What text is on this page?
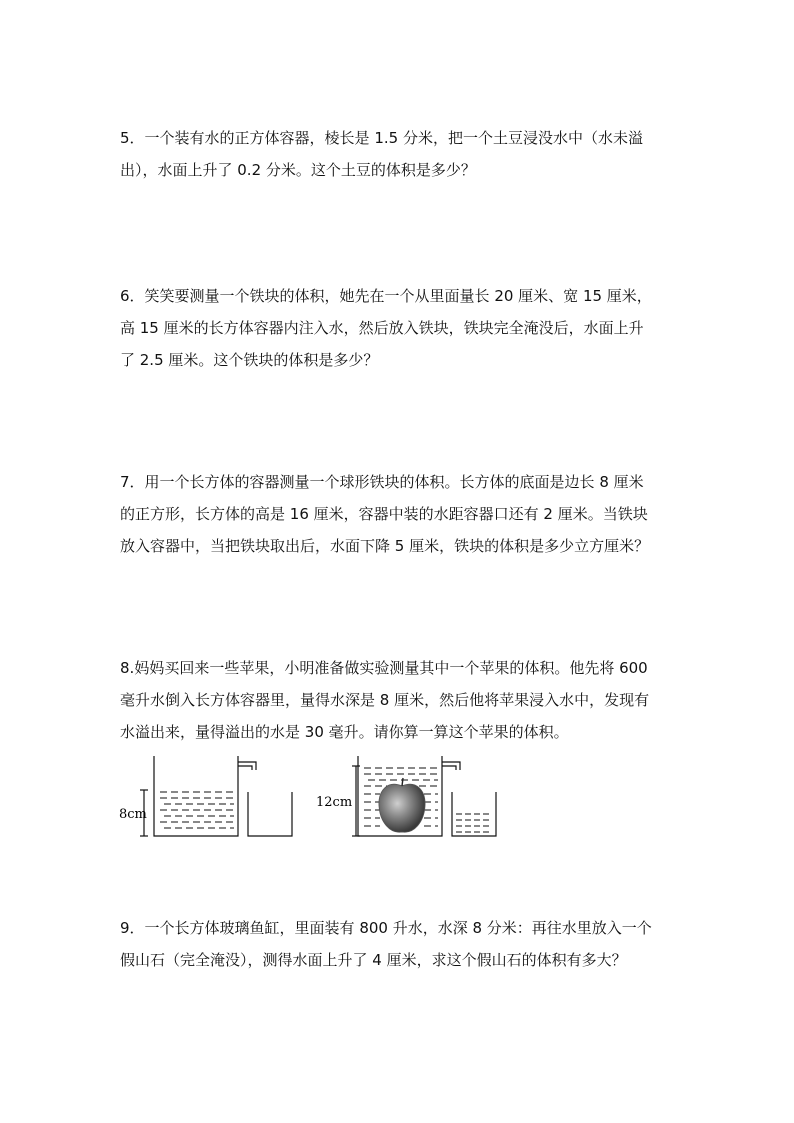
5．一个装有水的正方体容器，棱长是 1.5 分米，把一个土豆浸没水中（水未溢

出），水面上升了 0.2 分米。这个土豆的体积是多少？

6．笑笑要测量一个铁块的体积，她先在一个从里面量长 20 厘米、宽 15 厘米，

高 15 厘米的长方体容器内注入水，然后放入铁块，铁块完全淹没后，水面上升

了 2.5 厘米。这个铁块的体积是多少？

7．用一个长方体的容器测量一个球形铁块的体积。长方体的底面是边长 8 厘米

的正方形，长方体的高是 16 厘米，容器中装的水距容器口还有 2 厘米。当铁块

放入容器中，当把铁块取出后，水面下降 5 厘米，铁块的体积是多少立方厘米？

8.妈妈买回来一些苹果，小明准备做实验测量其中一个苹果的体积。他先将 600

毫升水倒入长方体容器里，量得水深是 8 厘米，然后他将苹果浸入水中，发现有

水溢出来，量得溢出的水是 30 毫升。请你算一算这个苹果的体积。

8cm
12cm

9．一个长方体玻璃鱼缸，里面装有 800 升水，水深 8 分米：再往水里放入一个

假山石（完全淹没），测得水面上升了 4 厘米，求这个假山石的体积有多大？
